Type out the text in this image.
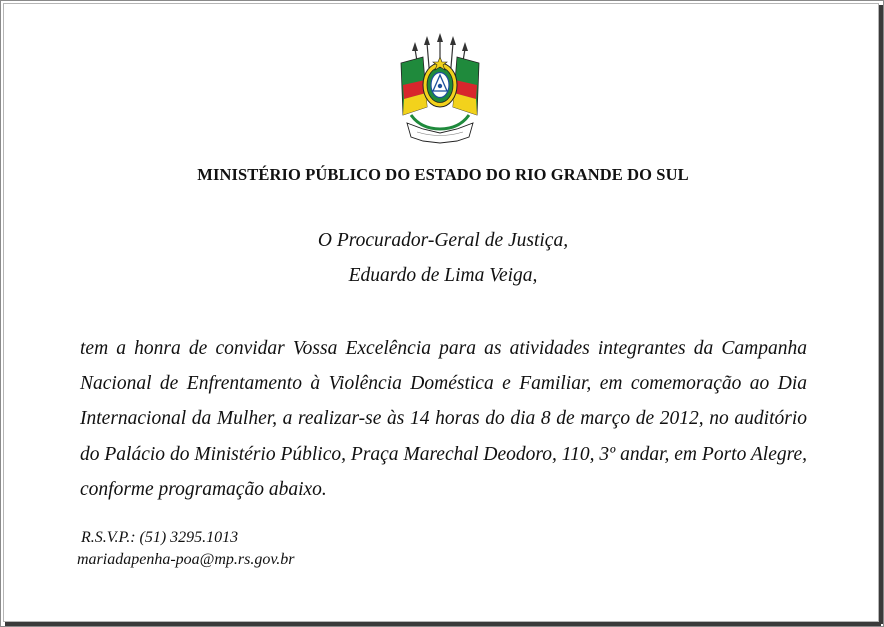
MINISTÉRIO PÚBLICO DO ESTADO DO RIO GRANDE DO SUL
O Procurador-Geral de Justiça,
Eduardo de Lima Veiga,
tem a honra de convidar Vossa Excelência para as atividades integrantes da Campanha Nacional de Enfrentamento à Violência Doméstica e Familiar, em comemoração ao Dia Internacional da Mulher, a realizar-se às 14 horas do dia 8 de março de 2012, no auditório do Palácio do Ministério Público, Praça Marechal Deodoro, 110, 3º andar, em Porto Alegre, conforme programação abaixo.
R.S.V.P.: (51) 3295.1013
mariadapenha-poa@mp.rs.gov.br
